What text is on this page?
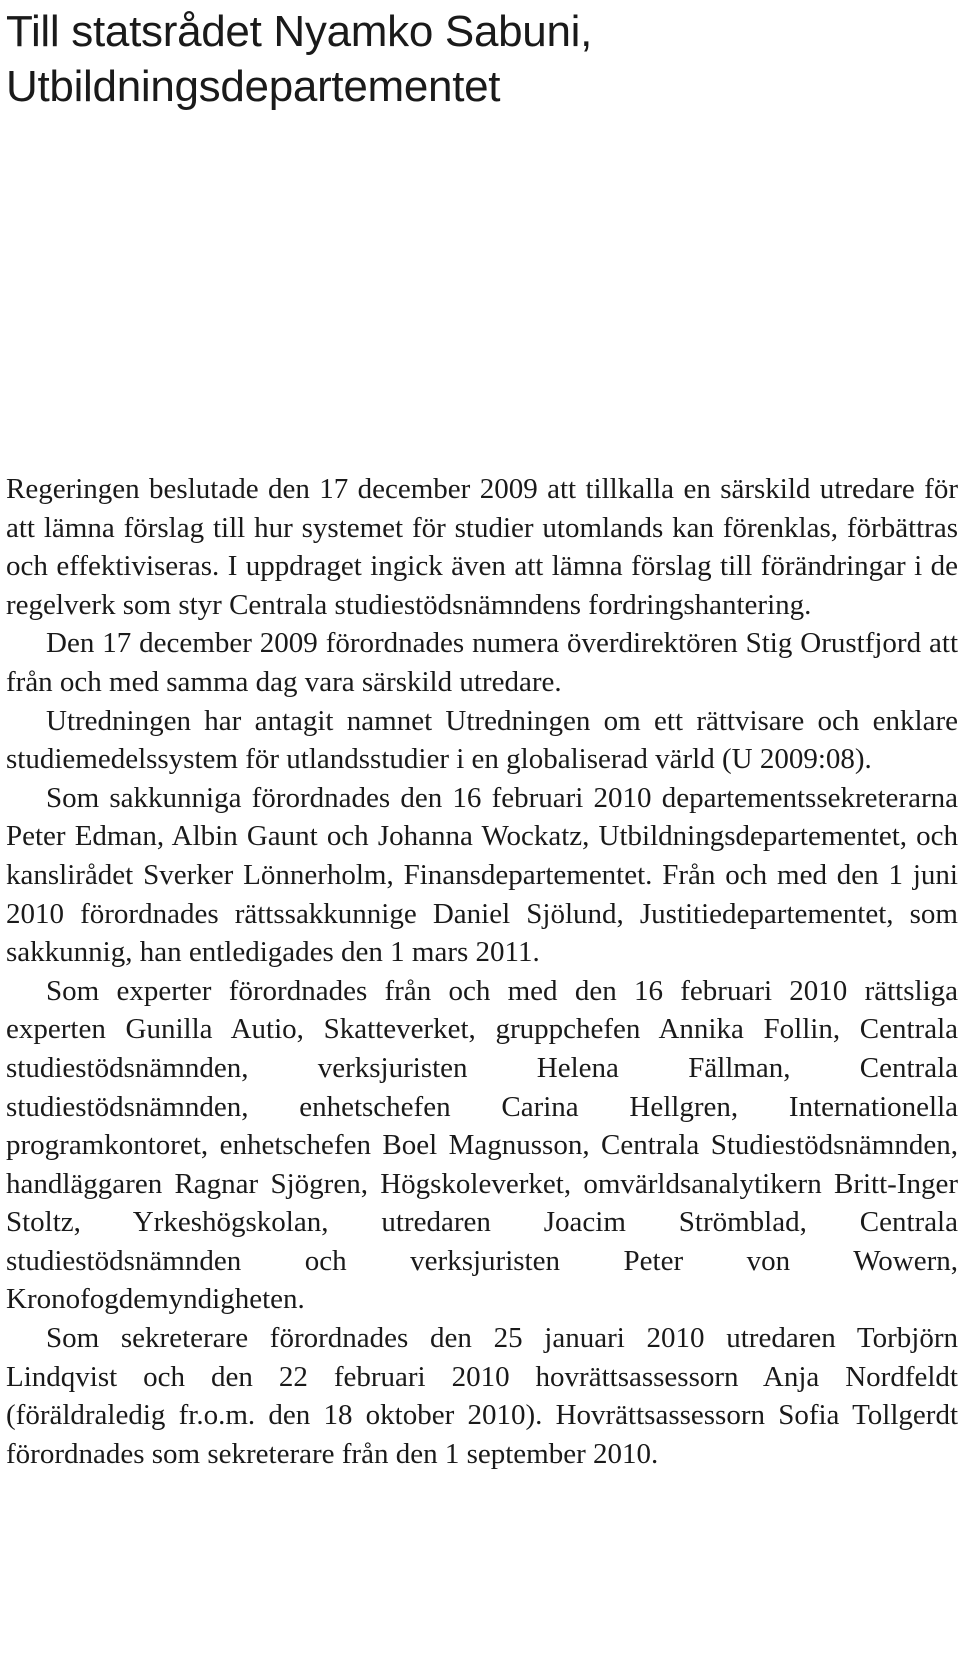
Till statsrådet Nyamko Sabuni,
Utbildningsdepartementet

Regeringen beslutade den 17 december 2009 att tillkalla en särskild utredare för att lämna förslag till hur systemet för studier utomlands kan förenklas, förbättras och effektiviseras. I uppdraget ingick även att lämna förslag till förändringar i de regelverk som styr Centrala studiestödsnämndens fordringshantering.

Den 17 december 2009 förordnades numera överdirektören Stig Orustfjord att från och med samma dag vara särskild utredare.

Utredningen har antagit namnet Utredningen om ett rättvisare och enklare studiemedelssystem för utlandsstudier i en globaliserad värld (U 2009:08).

Som sakkunniga förordnades den 16 februari 2010 departementssekreterarna Peter Edman, Albin Gaunt och Johanna Wockatz, Utbildningsdepartementet, och kanslirådet Sverker Lönnerholm, Finansdepartementet. Från och med den 1 juni 2010 förordnades rättssakkunnige Daniel Sjölund, Justitiedepartementet, som sakkunnig, han entledigades den 1 mars 2011.

Som experter förordnades från och med den 16 februari 2010 rättsliga experten Gunilla Autio, Skatteverket, gruppchefen Annika Follin, Centrala studiestödsnämnden, verksjuristen Helena Fällman, Centrala studiestödsnämnden, enhetschefen Carina Hellgren, Internationella programkontoret, enhetschefen Boel Magnusson, Centrala Studiestödsnämnden, handläggaren Ragnar Sjögren, Högskoleverket, omvärldsanalytikern Britt-Inger Stoltz, Yrkeshögskolan, utredaren Joacim Strömblad, Centrala studiestödsnämnden och verksjuristen Peter von Wowern, Kronofogdemyndigheten.

Som sekreterare förordnades den 25 januari 2010 utredaren Torbjörn Lindqvist och den 22 februari 2010 hovrättsassessorn Anja Nordfeldt (föräldraledig fr.o.m. den 18 oktober 2010). Hovrättsassessorn Sofia Tollgerdt förordnades som sekreterare från den 1 september 2010.
